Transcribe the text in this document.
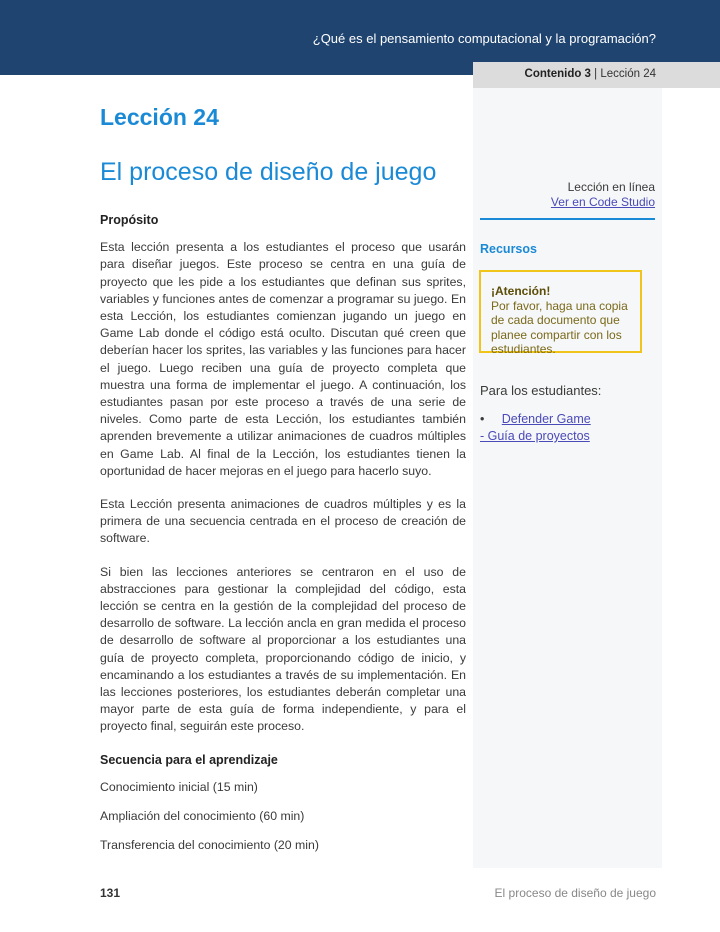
¿Qué es el pensamiento computacional y la programación?
Contenido 3 | Lección 24
Lección 24
El proceso de diseño de juego
Propósito

Esta lección presenta a los estudiantes el proceso que usarán para diseñar juegos. Este proceso se centra en una guía de proyecto que les pide a los estudiantes que definan sus sprites, variables y funciones antes de comenzar a programar su juego. En esta Lección, los estudiantes comienzan jugando un juego en Game Lab donde el código está oculto. Discutan qué creen que deberían hacer los sprites, las variables y las funciones para hacer el juego. Luego reciben una guía de proyecto completa que muestra una forma de implementar el juego. A continuación, los estudiantes pasan por este proceso a través de una serie de niveles. Como parte de esta Lección, los estudiantes también aprenden brevemente a utilizar animaciones de cuadros múltiples en Game Lab. Al final de la Lección, los estudiantes tienen la oportunidad de hacer mejoras en el juego para hacerlo suyo.

Esta Lección presenta animaciones de cuadros múltiples y es la primera de una secuencia centrada en el proceso de creación de software.

Si bien las lecciones anteriores se centraron en el uso de abstracciones para gestionar la complejidad del código, esta lección se centra en la gestión de la complejidad del proceso de desarrollo de software. La lección ancla en gran medida el proceso de desarrollo de software al proporcionar a los estudiantes una guía de proyecto completa, proporcionando código de inicio, y encaminando a los estudiantes a través de su implementación. En las lecciones posteriores, los estudiantes deberán completar una mayor parte de esta guía de forma independiente, y para el proyecto final, seguirán este proceso.

Secuencia para el aprendizaje
Conocimiento inicial (15 min)
Ampliación del conocimiento (60 min)
Transferencia del conocimiento (20 min)
Lección en línea
Ver en Code Studio
Recursos
¡Atención!
Por favor, haga una copia de cada documento que planee compartir con los estudiantes.
Para los estudiantes:
• Defender Game
- Guía de proyectos
131	El proceso de diseño de juego
